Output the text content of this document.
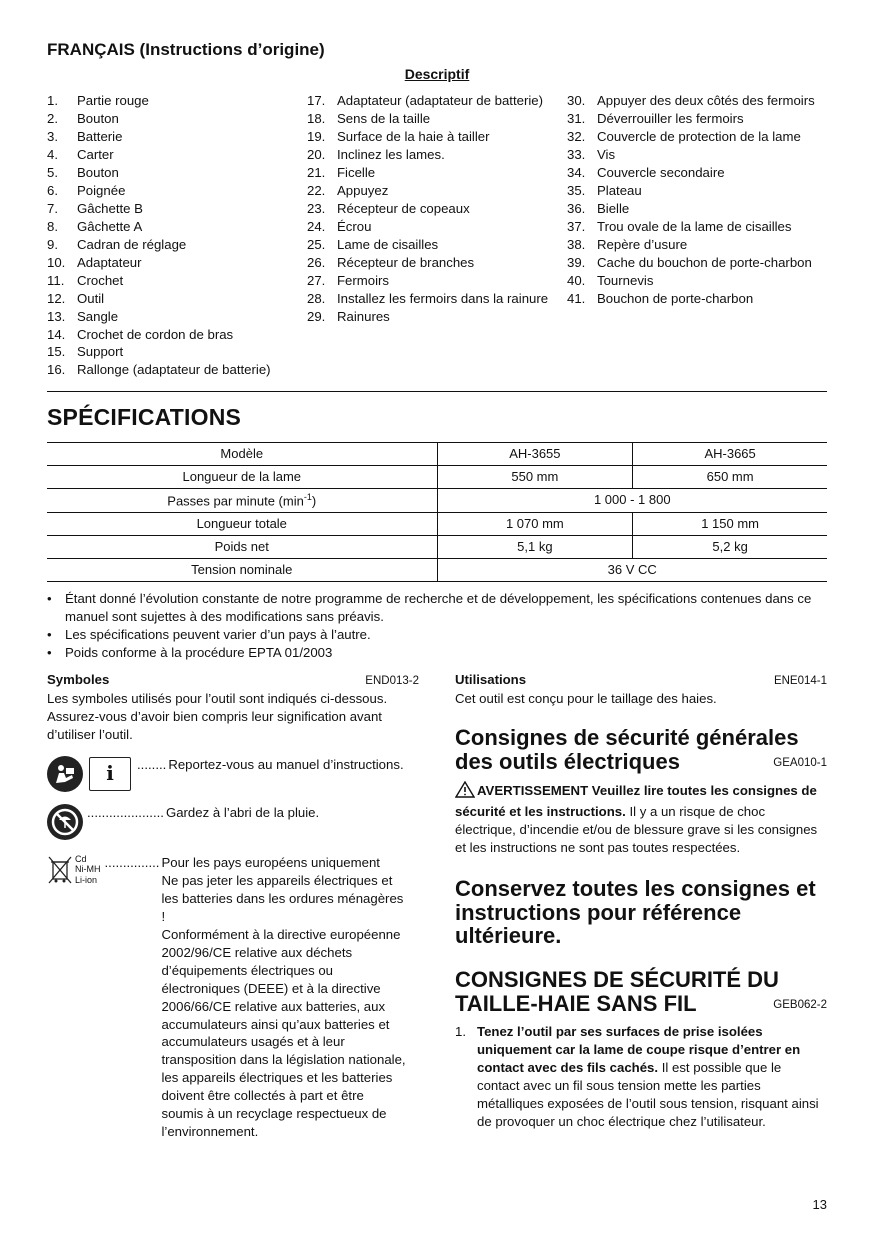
FRANÇAIS (Instructions d’origine)
Descriptif
1.	Partie rouge
2.	Bouton
3.	Batterie
4.	Carter
5.	Bouton
6.	Poignée
7.	Gâchette B
8.	Gâchette A
9.	Cadran de réglage
10. Adaptateur
11. Crochet
12. Outil
13. Sangle
14. Crochet de cordon de bras
15. Support
16. Rallonge (adaptateur de batterie)
17. Adaptateur (adaptateur de batterie)
18. Sens de la taille
19. Surface de la haie à tailler
20. Inclinez les lames.
21. Ficelle
22. Appuyez
23. Récepteur de copeaux
24. Écrou
25. Lame de cisailles
26. Récepteur de branches
27. Fermoirs
28. Installez les fermoirs dans la rainure
29. Rainures
30. Appuyer des deux côtés des fermoirs
31. Déverrouiller les fermoirs
32. Couvercle de protection de la lame
33. Vis
34. Couvercle secondaire
35. Plateau
36. Bielle
37. Trou ovale de la lame de cisailles
38. Repère d’usure
39. Cache du bouchon de porte-charbon
40. Tournevis
41. Bouchon de porte-charbon
SPÉCIFICATIONS
Modèle	AH-3655	AH-3665
Longueur de la lame	550 mm	650 mm
Passes par minute $(\min^{-1})$	1 000 - 1 800	
Longueur totale	1 070 mm	1 150 mm
Poids net	5,1 kg	5,2 kg
Tension nominale	36 V CC	
• Étant donné l’évolution constante de notre programme de recherche et de développement, les spécifications contenues dans ce manuel sont sujettes à des modifications sans préavis.
• Les spécifications peuvent varier d’un pays à l’autre.
• Poids conforme à la procédure EPTA 01/2003
Symboles	END013-2
Les symboles utilisés pour l’outil sont indiqués ci-dessous.
Assurez-vous d’avoir bien compris leur signification avant d’utiliser l’outil.
i	........ Reportez-vous au manuel d’instructions.
..................... Gardez à l’abri de la pluie.
Cd
Ni-MH
Li-ion
............... Pour les pays européens uniquement
Ne pas jeter les appareils électriques et les batteries dans les ordures ménagères !
Conformément à la directive européenne 2002/96/CE relative aux déchets d’équipements électriques ou électroniques (DEEE) et à la directive 2006/66/CE relative aux batteries, aux accumulateurs ainsi qu’aux batteries et accumulateurs usagés et à leur transposition dans la législation nationale, les appareils électriques et les batteries doivent être collectés à part et être soumis à un recyclage respectueux de l’environnement.
Utilisations	ENE014-1
Cet outil est conçu pour le taillage des haies.
Consignes de sécurité générales des outils électriques	GEA010-1
AVERTISSEMENT Veuillez lire toutes les consignes de sécurité et les instructions. Il y a un risque de choc électrique, d’incendie et/ou de blessure grave si les consignes et les instructions ne sont pas toutes respectées.
Conservez toutes les consignes et instructions pour référence ultérieure.
CONSIGNES DE SÉCURITÉ DU TAILLE-HAIE SANS FIL	GEB062-2
1. Tenez l’outil par ses surfaces de prise isolées uniquement car la lame de coupe risque d’entrer en contact avec des fils cachés. Il est possible que le contact avec un fil sous tension mette les parties métalliques exposées de l’outil sous tension, risquant ainsi de provoquer un choc électrique chez l’utilisateur.
13
